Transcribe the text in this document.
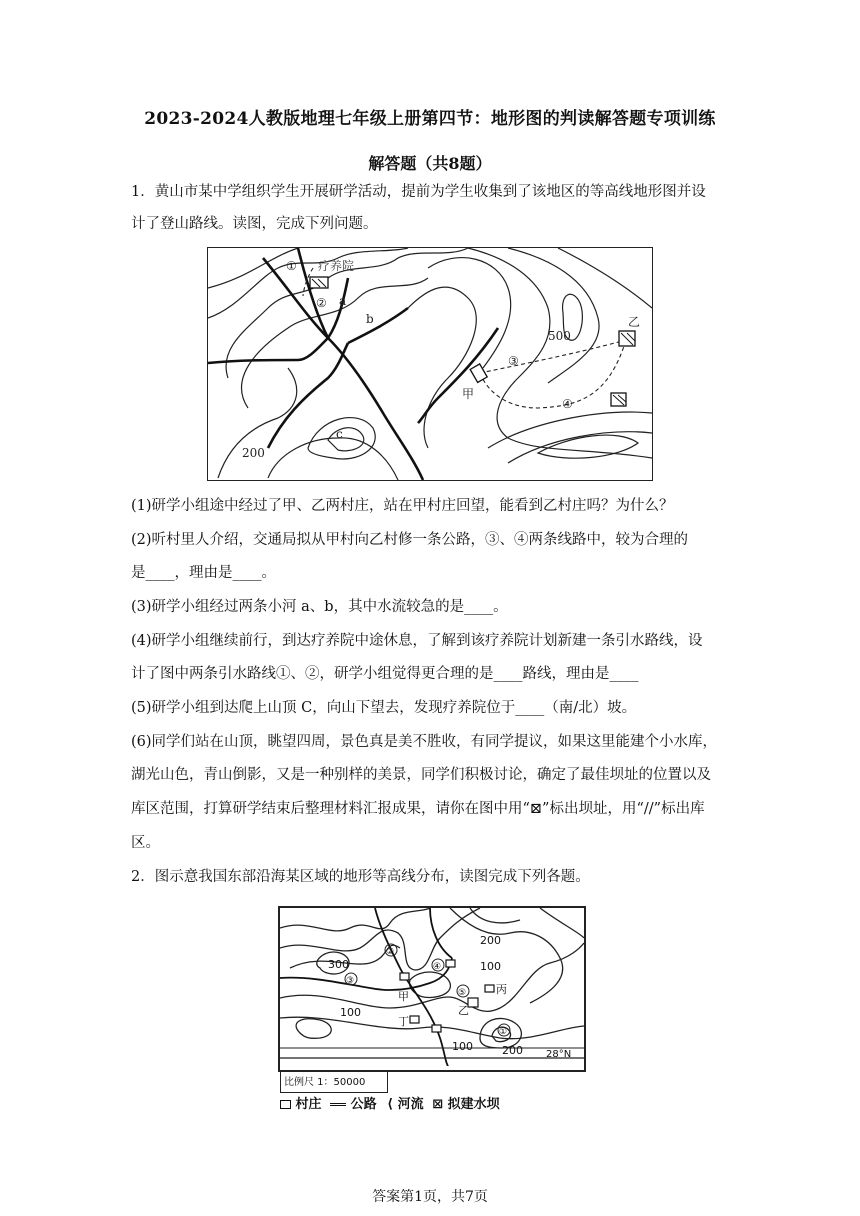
2023-2024人教版地理七年级上册第四节：地形图的判读解答题专项训练
解答题（共8题）
1．黄山市某中学组织学生开展研学活动，提前为学生收集到了该地区的等高线地形图并设
计了登山路线。读图，完成下列问题。
① 疗养院
② a
b
c
甲
乙
③
④
500
200
(1)研学小组途中经过了甲、乙两村庄，站在甲村庄回望，能看到乙村庄吗？为什么？
(2)听村里人介绍，交通局拟从甲村向乙村修一条公路，③、④两条线路中，较为合理的
是____，理由是____。
(3)研学小组经过两条小河 a、b，其中水流较急的是____。
(4)研学小组继续前行，到达疗养院中途休息，了解到该疗养院计划新建一条引水路线，设
计了图中两条引水路线①、②，研学小组觉得更合理的是____路线，理由是____
(5)研学小组到达爬上山顶 C，向山下望去，发现疗养院位于____（南/北）坡。
(6)同学们站在山顶，眺望四周，景色真是美不胜收，有同学提议，如果这里能建个小水库，
湖光山色，青山倒影，又是一种别样的美景，同学们积极讨论，确定了最佳坝址的位置以及
库区范围，打算研学结束后整理材料汇报成果，请你在图中用“⊠”标出坝址，用“//”标出库
区。
2．图示意我国东部沿海某区域的地形等高线分布，读图完成下列各题。
③
②
④
⑤
①
300
200
100
100
100	200
甲
乙
丙
丁
28°N
比例尺 1：50000
村庄 公路 ⟨ 河流 ⊠ 拟建水坝
答案第1页，共7页
